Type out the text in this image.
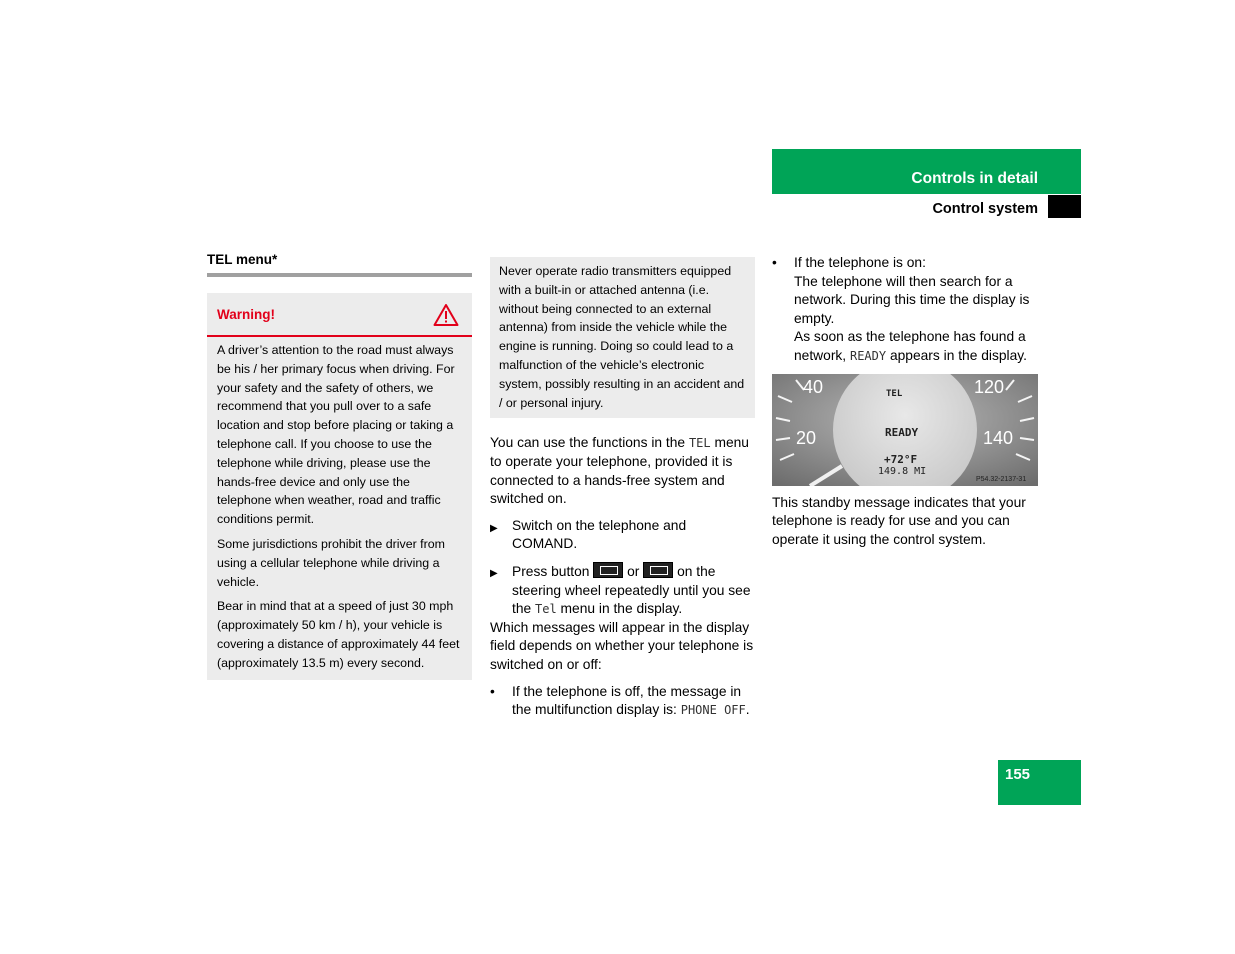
Controls in detail
Control system
TEL menu*
Warning!

A driver’s attention to the road must always be his / her primary focus when driving. For your safety and the safety of others, we recommend that you pull over to a safe location and stop before placing or taking a telephone call. If you choose to use the telephone while driving, please use the hands-free device and only use the telephone when weather, road and traffic conditions permit.

Some jurisdictions prohibit the driver from using a cellular telephone while driving a vehicle.

Bear in mind that at a speed of just 30 mph (approximately 50 km / h), your vehicle is covering a distance of approximately 44 feet (approximately 13.5 m) every second.

Never operate radio transmitters equipped with a built-in or attached antenna (i.e. without being connected to an external antenna) from inside the vehicle while the engine is running. Doing so could lead to a malfunction of the vehicle’s electronic system, possibly resulting in an accident and / or personal injury.

You can use the functions in the TEL menu to operate your telephone, provided it is connected to a hands-free system and switched on.

▶ Switch on the telephone and COMAND.
▶ Press button  or  on the steering wheel repeatedly until you see the Tel menu in the display.

Which messages will appear in the display field depends on whether your telephone is switched on or off:

• If the telephone is off, the message in the multifunction display is: PHONE OFF.
• If the telephone is on:

The telephone will then search for a network. During this time the display is empty.

As soon as the telephone has found a network, READY appears in the display.

40
20
120
140
TEL
READY
+72°F
149.8 MI
P54.32-2137-31

This standby message indicates that your telephone is ready for use and you can operate it using the control system.

155
